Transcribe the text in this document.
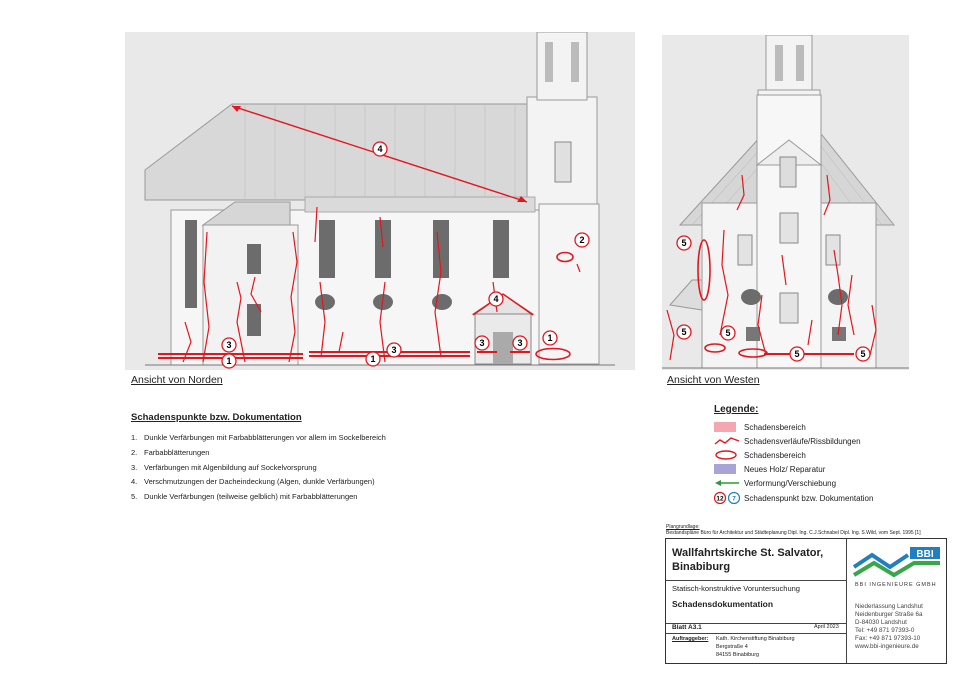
4
2
4
3
1	1
3
3	3	1
Ansicht von Norden
5
5	5
5	5
Ansicht von Westen
Schadenspunkte bzw. Dokumentation
1. Dunkle Verfärbungen mit Farbabblätterungen vor allem im Sockelbereich
2. Farbabblätterungen
3. Verfärbungen mit Algenbildung auf Sockelvorsprung
4. Verschmutzungen der Dacheindeckung (Algen, dunkle Verfärbungen)
5. Dunkle Verfärbungen (teilweise gelblich) mit Farbabblätterungen
Legende:
Schadensbereich
Schadensverläufe/Rissbildungen
Schadensbereich
Neues Holz/ Reparatur
Verformung/Verschiebung
12 7 Schadenspunkt bzw. Dokumentation
Plangrundlage:
Bestandspläne Büro für Architektur und Städteplanung Dipl. Ing. C.J.Schnabel Dipl. Ing. S.Wild, vom Sept. 1995 [1]
Wallfahrtskirche St. Salvator,
Binabiburg
Statisch-konstruktive Voruntersuchung
Schadensdokumentation
Blatt A3.1	April 2023
Auftraggeber: Kath. Kirchenstiftung Binabiburg
Bergstraße 4
84155 Binabiburg
BBI
BBI INGENIEURE GMBH
Niederlassung Landshut
Neidenburger Straße 6a
D-84030 Landshut
Tel: +49 871 97393-0
Fax: +49 871 97393-10
www.bbi-ingenieure.de
